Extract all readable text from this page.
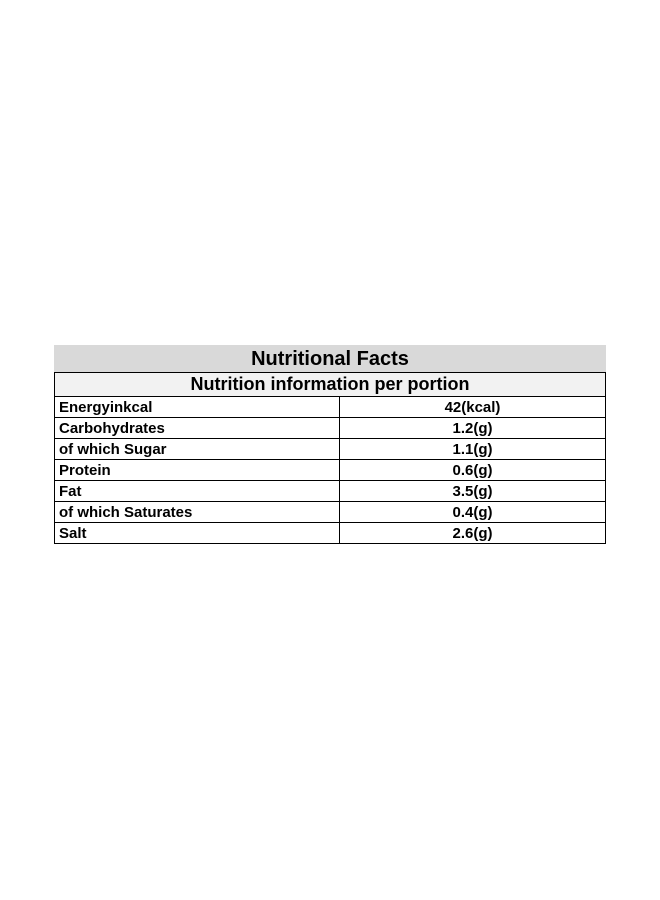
Nutritional Facts	
Nutrition information per portion	
Energyinkcal	42(kcal)
Carbohydrates	1.2(g)
of which Sugar	1.1(g)
Protein	0.6(g)
Fat	3.5(g)
of which Saturates	0.4(g)
Salt	2.6(g)
